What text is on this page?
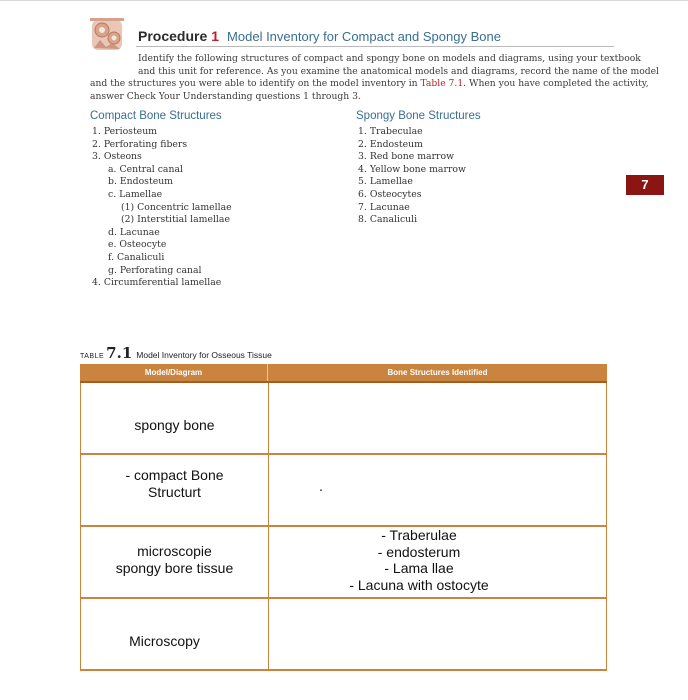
Procedure 1 Model Inventory for Compact and Spongy Bone
Identify the following structures of compact and spongy bone on models and diagrams, using your textbook
and this unit for reference. As you examine the anatomical models and diagrams, record the name of the model
and the structures you were able to identify on the model inventory in Table 7.1. When you have completed the activity,
answer Check Your Understanding questions 1 through 3.
Compact Bone Structures
1. Periosteum
2. Perforating fibers
3. Osteons
a. Central canal
b. Endosteum
c. Lamellae
(1) Concentric lamellae
(2) Interstitial lamellae
d. Lacunae
e. Osteocyte
f. Canaliculi
g. Perforating canal
4. Circumferential lamellae
Spongy Bone Structures
1. Trabeculae
2. Endosteum
3. Red bone marrow
4. Yellow bone marrow
5. Lamellae
6. Osteocytes
7. Lacunae
8. Canaliculi
7
TABLE 7.1 Model Inventory for Osseous Tissue
Model/Diagram	Bone Structures Identified
spongy bone
- compact Bone
Structurt	.
microscopie
spongy bore tissue
- Traberulae
- endosterum
- Lama llae
- Lacuna with ostocyte
Microscopy
